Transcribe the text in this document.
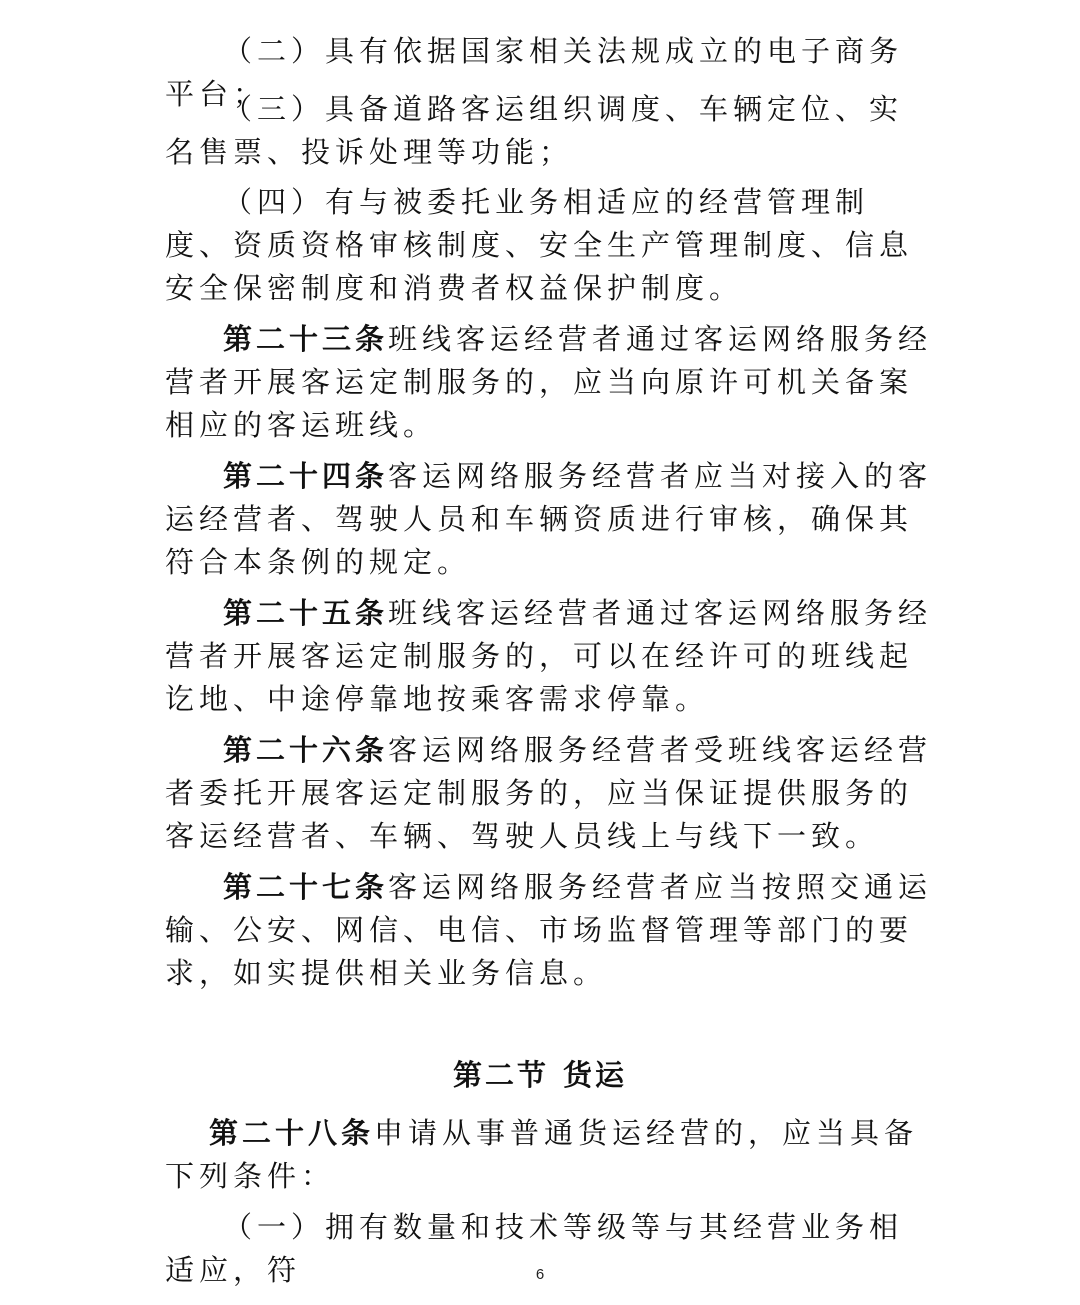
（二）具有依据国家相关法规成立的电子商务平台；

（三）具备道路客运组织调度、车辆定位、实名售票、投诉处理等功能；

（四）有与被委托业务相适应的经营管理制度、资质资格审核制度、安全生产管理制度、信息安全保密制度和消费者权益保护制度。

第二十三条班线客运经营者通过客运网络服务经营者开展客运定制服务的，应当向原许可机关备案相应的客运班线。

第二十四条客运网络服务经营者应当对接入的客运经营者、驾驶人员和车辆资质进行审核，确保其符合本条例的规定。

第二十五条班线客运经营者通过客运网络服务经营者开展客运定制服务的，可以在经许可的班线起讫地、中途停靠地按乘客需求停靠。

第二十六条客运网络服务经营者受班线客运经营者委托开展客运定制服务的，应当保证提供服务的客运经营者、车辆、驾驶人员线上与线下一致。

第二十七条客运网络服务经营者应当按照交通运输、公安、网信、电信、市场监督管理等部门的要求，如实提供相关业务信息。

第二节 货运

第二十八条申请从事普通货运经营的，应当具备下列条件：

（一）拥有数量和技术等级等与其经营业务相适应，符	6
